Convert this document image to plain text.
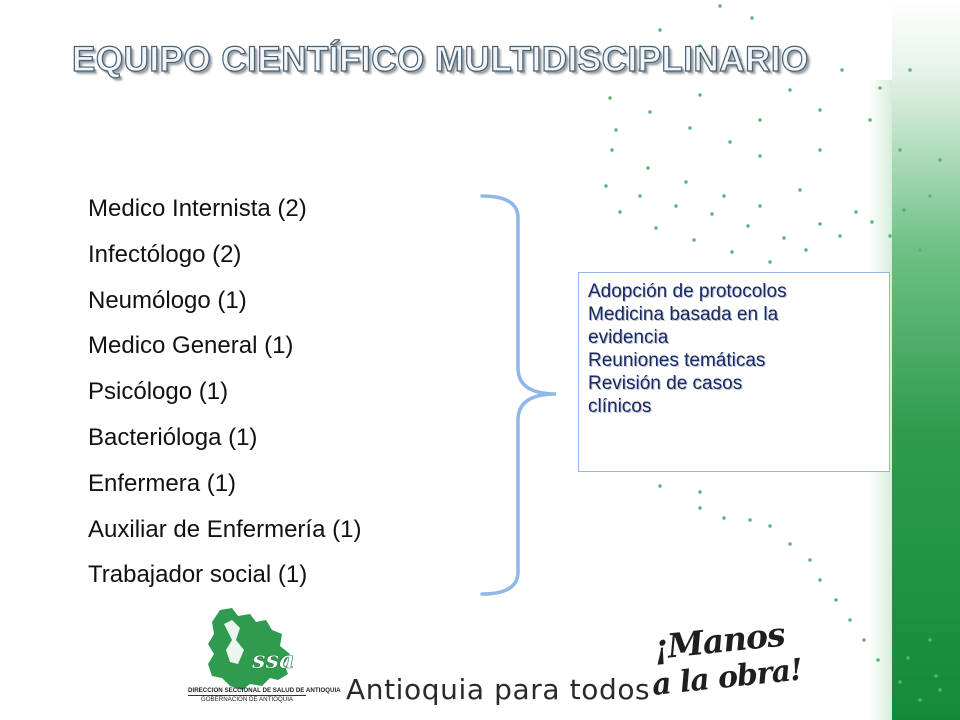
EQUIPO CIENTÍFICO MULTIDISCIPLINARIO
Medico Internista (2)
Infectólogo (2)
Neumólogo (1)
Medico General (1)
Psicólogo (1)
Bacterióloga (1)
Enfermera (1)
Auxiliar de Enfermería (1)
Trabajador social (1)
Adopción de protocolos
Medicina basada en la
evidencia
Reuniones temáticas
Revisión de casos
clínicos
ssa
DIRECCION SECCIONAL DE SALUD DE ANTIOQUIA
GOBERNACION DE ANTIOQUIA	Antioquia para todos
¡Manos
a la obra!
